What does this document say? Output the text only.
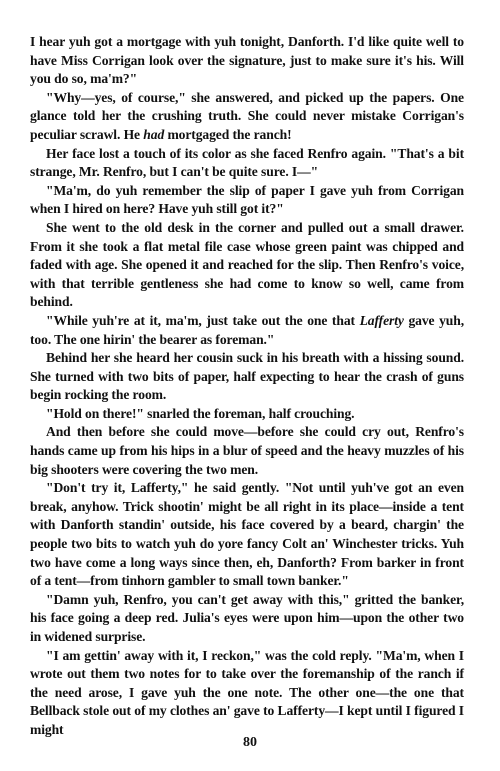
I hear yuh got a mortgage with yuh tonight, Danforth. I'd like quite well to have Miss Corrigan look over the signature, just to make sure it's his. Will you do so, ma'm?"

"Why—yes, of course," she answered, and picked up the papers. One glance told her the crushing truth. She could never mistake Corrigan's peculiar scrawl. He had mortgaged the ranch!

Her face lost a touch of its color as she faced Renfro again. "That's a bit strange, Mr. Renfro, but I can't be quite sure. I—"

"Ma'm, do yuh remember the slip of paper I gave yuh from Corrigan when I hired on here? Have yuh still got it?"

She went to the old desk in the corner and pulled out a small drawer. From it she took a flat metal file case whose green paint was chipped and faded with age. She opened it and reached for the slip. Then Renfro's voice, with that terrible gentleness she had come to know so well, came from behind.

"While yuh're at it, ma'm, just take out the one that Lafferty gave yuh, too. The one hirin' the bearer as foreman."

Behind her she heard her cousin suck in his breath with a hissing sound. She turned with two bits of paper, half expecting to hear the crash of guns begin rocking the room.

"Hold on there!" snarled the foreman, half crouching.

And then before she could move—before she could cry out, Renfro's hands came up from his hips in a blur of speed and the heavy muzzles of his big shooters were covering the two men.

"Don't try it, Lafferty," he said gently. "Not until yuh've got an even break, anyhow. Trick shootin' might be all right in its place—inside a tent with Danforth standin' outside, his face covered by a beard, chargin' the people two bits to watch yuh do yore fancy Colt an' Winchester tricks. Yuh two have come a long ways since then, eh, Danforth? From barker in front of a tent—from tinhorn gambler to small town banker."

"Damn yuh, Renfro, you can't get away with this," gritted the banker, his face going a deep red. Julia's eyes were upon him—upon the other two in widened surprise.

"I am gettin' away with it, I reckon," was the cold reply. "Ma'm, when I wrote out them two notes for to take over the foremanship of the ranch if the need arose, I gave yuh the one note. The other one—the one that Bellback stole out of my clothes an' gave to Lafferty—I kept until I figured I might

80
